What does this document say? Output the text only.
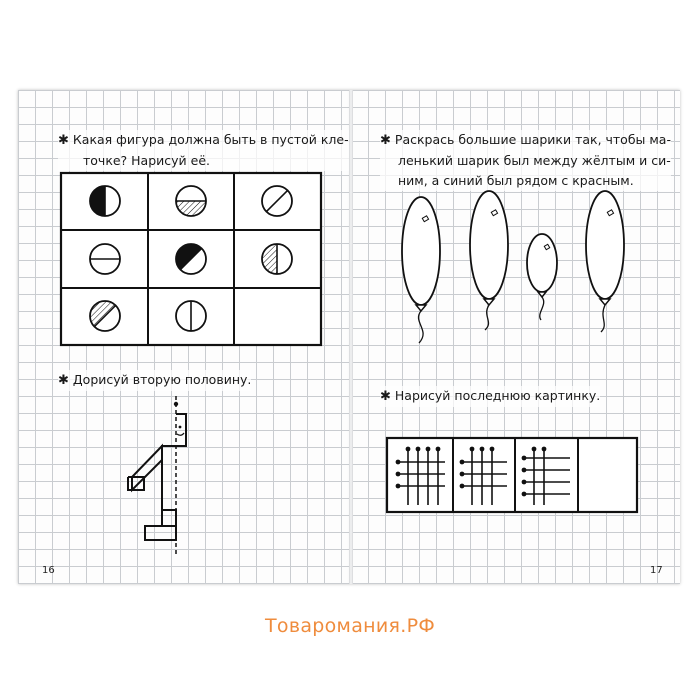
✱ Какая фигура должна быть в пустой кле-
точке? Нарисуй её.
✱ Дорисуй вторую половину.
16
✱ Раскрась большие шарики так, чтобы ма-
ленький шарик был между жёлтым и си-
ним, а синий был рядом с красным.
✱ Нарисуй последнюю картинку.
17
Товаромания.РФ
